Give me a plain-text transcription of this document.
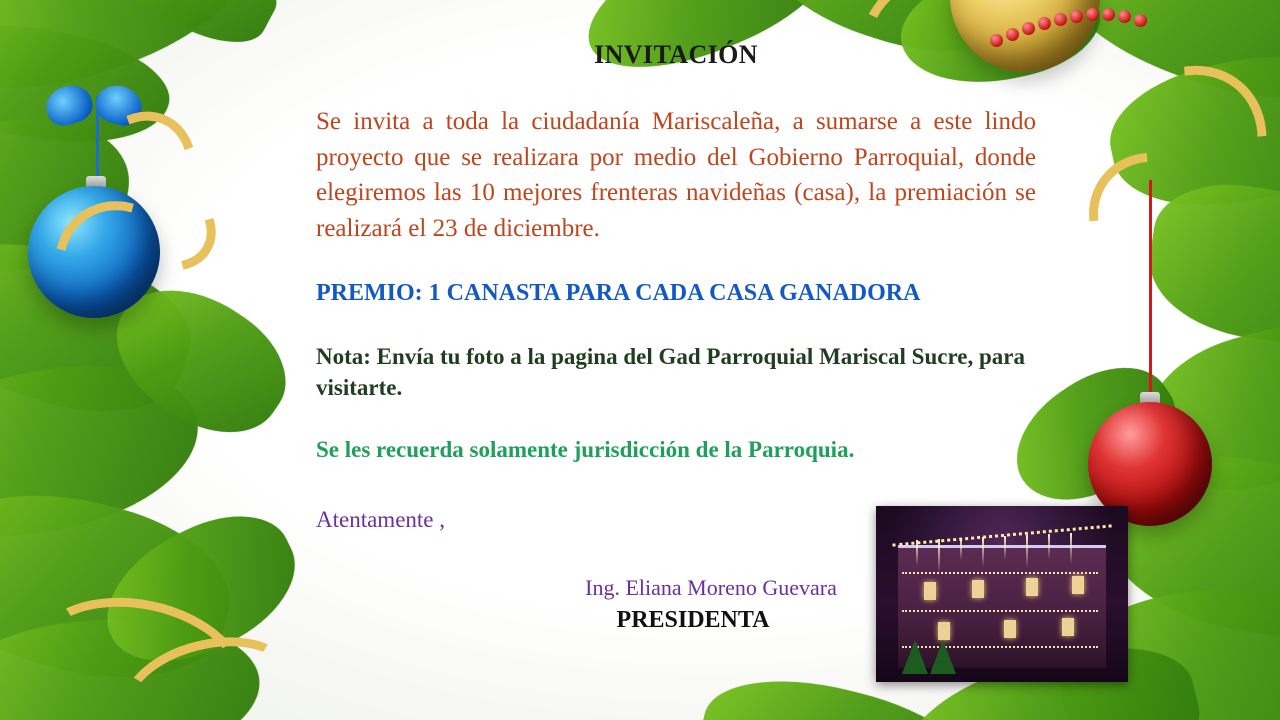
INVITACIÓN
Se invita a toda la ciudadanía Mariscaleña, a sumarse a este lindo proyecto que se realizara por medio del Gobierno Parroquial, donde elegiremos las 10 mejores frenteras navideñas (casa), la premiación se realizará el 23 de diciembre.
PREMIO: 1 CANASTA PARA CADA CASA GANADORA
Nota: Envía tu foto a la pagina del Gad Parroquial Mariscal Sucre, para visitarte.
Se les recuerda solamente jurisdicción de la Parroquia.
Atentamente ,
Ing. Eliana Moreno Guevara
PRESIDENTA
